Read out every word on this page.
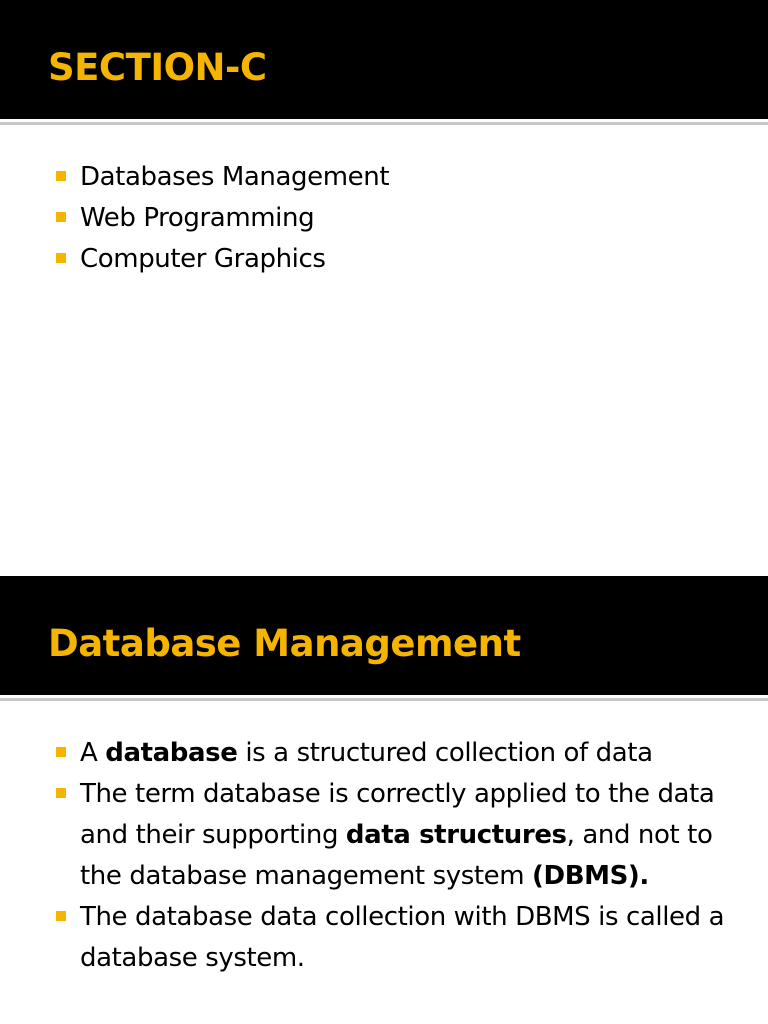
SECTION-C
Databases Management
Web Programming
Computer Graphics
Database Management
A database is a structured collection of data
The term database is correctly applied to the data and their supporting data structures, and not to the database management system (DBMS).
The database data collection with DBMS is called a database system.
